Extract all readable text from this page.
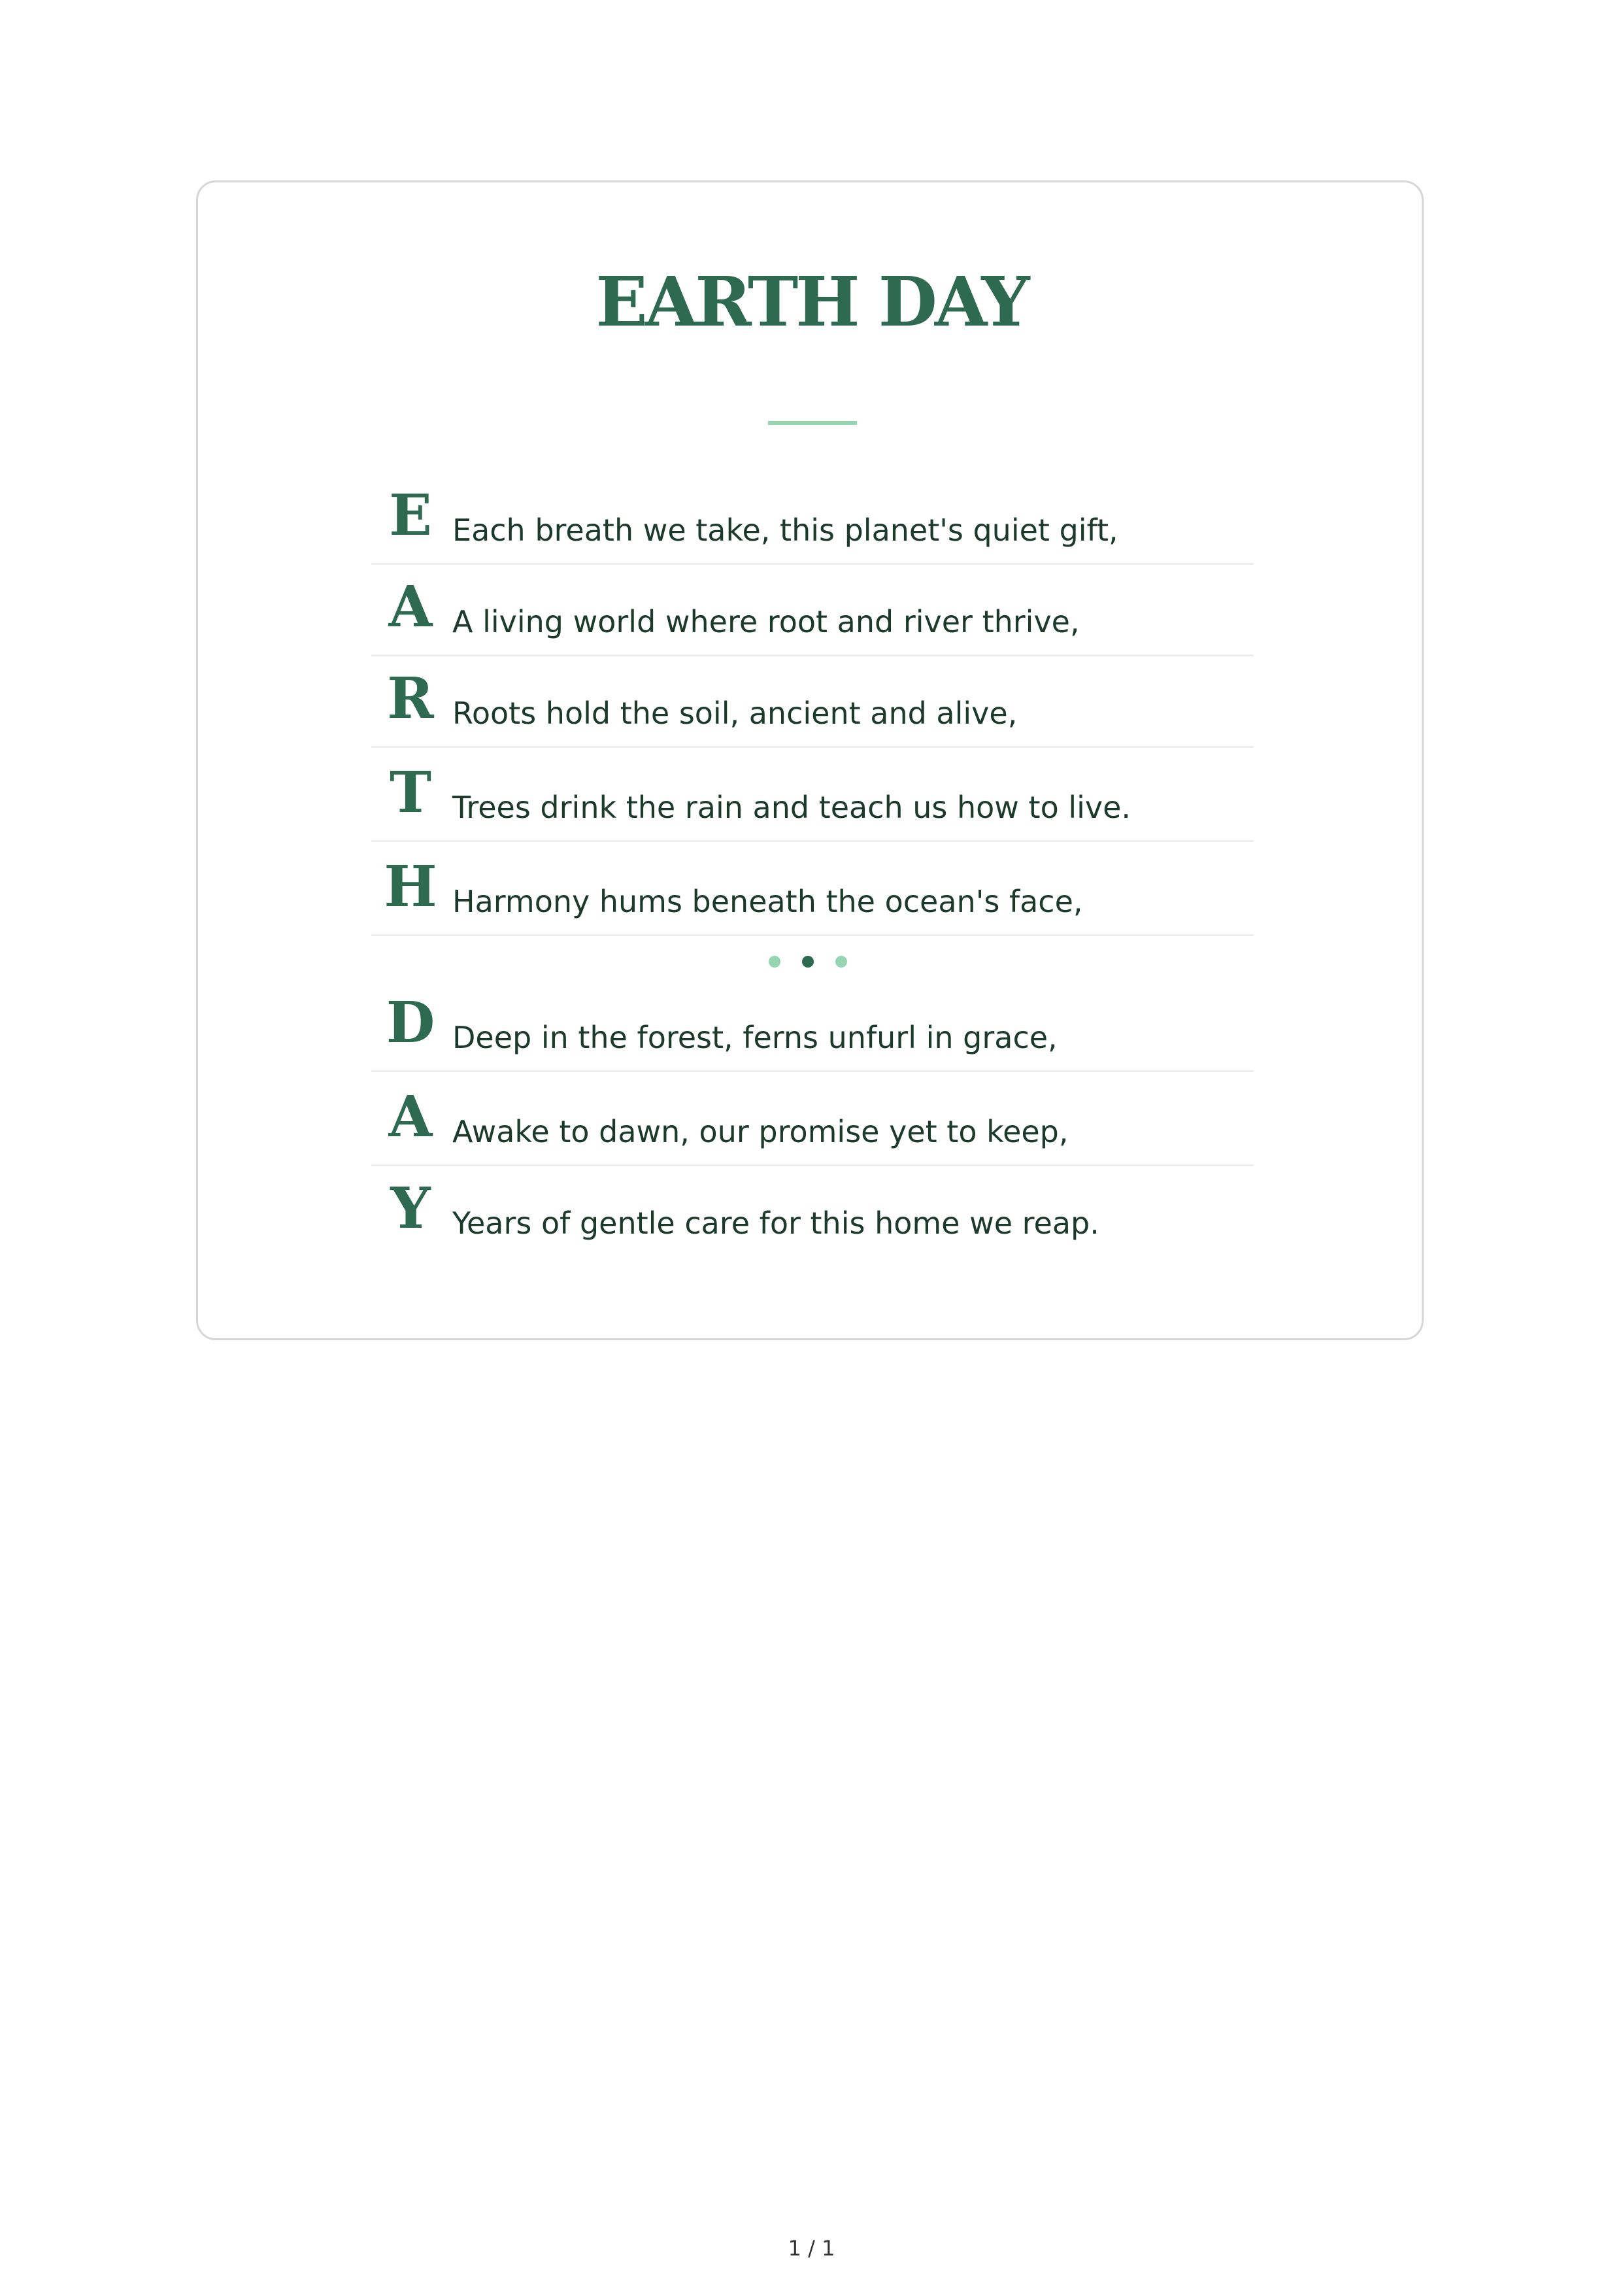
EARTH DAY
E Each breath we take, this planet's quiet gift,
A A living world where root and river thrive,
R Roots hold the soil, ancient and alive,
T Trees drink the rain and teach us how to live.
H Harmony hums beneath the ocean's face,
D Deep in the forest, ferns unfurl in grace,
A Awake to dawn, our promise yet to keep,
Y Years of gentle care for this home we reap.
1 / 1
